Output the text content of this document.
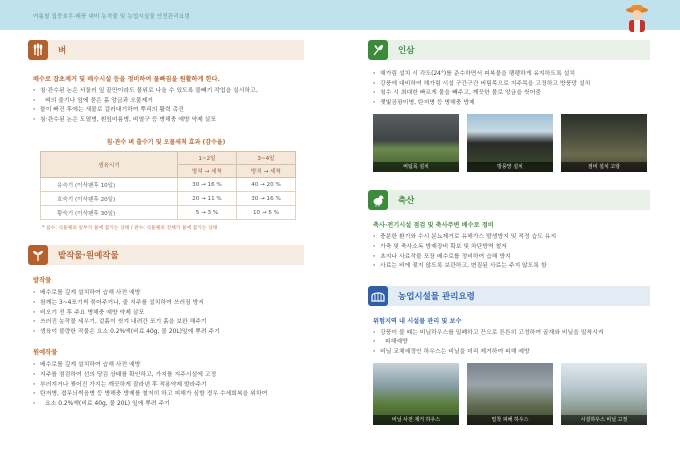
여름철 집중호우·태풍 대비 농작물 및 농업시설물 안전관리요령
벼
배수로 잡초제거 및 배수시설 등을 정비하여 물빠짐을 원활하게 한다.
· 침·관수된 논은 서둘러 잎 끝만이라도 물위로 나올 수 있도록 물빼기 작업을 실시하고,
· 벼의 줄기나 잎에 묻은 흙 앙금과 오물제거
· 물이 빠진 후에는 새물로 걸러대기하여 뿌리의 활력 촉진
· 침·관수된 논은 도열병, 흰잎마름병, 벼멸구 등 병해충 예방 약제 살포
침·관수 벼 출수기 및 오물세척 효과 (감수율)
생육시기	1~2일	3~4일
	방치 → 세척	방치 → 세척
유숙기 (이삭팬후 10일)	30 → 16 %	40 → 20 %
호숙기 (이삭팬후 20일)	20 → 11 %	30 → 16 %
황숙기 (이삭팬후 30일)	5 → 3 %	10 → 5 %
* 침수: 식물체의 일부가 물에 잠기는 상태 / 관수: 식물체의 전체가 물에 잠기는 상태
밭작물·원예작물
밭작물
· 배수로를 깊게 설치하여 습해 사전 예방
· 참깨는 3~4포기씩 묶어주거나, 줄 지주를 설치하여 쓰러짐 방지
· 비오기 전 후 주요 병해충 예방 약제 살포
· 쓰러진 농작물 세우기, 겉흙이 씻겨 내려간 포기 흙을 보완 해주기
· 생육이 불량한 작물은 요소 0.2%액(비료 40g, 물 20L)잎에 뿌려 주기
원예작물
· 배수로를 깊게 설치하여 습해 사전 예방
· 지주를 점검하여 선의 당김 상태를 확인하고, 가지를 지주시설에 고정
· 부러지거나 찢어진 가지는 깨끗하게 잘라낸 후 적용약제 발라주기
· 탄저병, 겹무늬썩음병 등 병해충 방제를 철저히 하고 피해가 심할 경우 수세회복을 위하여
· 요소 0.2%액(비료 40g, 물 20L) 잎에 뿌려 주기
인삼
· 해가림 설치 시 각도(24°)를 준수하면서 피복물을 팽팽하게 유지하도록 설치
· 강풍에 대비하여 해가림 시설 구간구간 버팀목으로 지주목을 고정하고 방풍망 설치
· 침수 시 최대한 빠르게 물을 빼주고, 깨끗한 물로 앙금을 씻어줌
· 잿빛곰팡이병, 탄저병 등 병해충 방제
버팀목 설치	방풍망 설치	점비 설치 고랑
축산
축사·전기시설 점검 및 축사주변 배수로 정비
· 충분한 환기와 수시 분뇨제거로 유해가스 발생방지 및 적정 습도 유지
· 가축 및 축사소독 방제장비 확보 및 차단방역 철저
· 초지나 사료작물 포장 배수로를 정비하여 습해 방지
· 사료는 비에 젖지 않도록 보관하고, 변질된 사료는 주지 않도록 함
농업시설물 관리요령
위험지역 내 시설물 관리 및 보수
· 강풍이 불 때는 비닐하우스를 밀폐하고 끈으로 튼튼히 고정하여 골재와 비닐을 밀착시켜
· 피해예방
· 비닐 교체예정인 하우스는 비닐을 미리 제거하여 피해 예방
비닐 사전 제거 하우스	밀착 피해 하우스	시설하우스 비닐 고정
